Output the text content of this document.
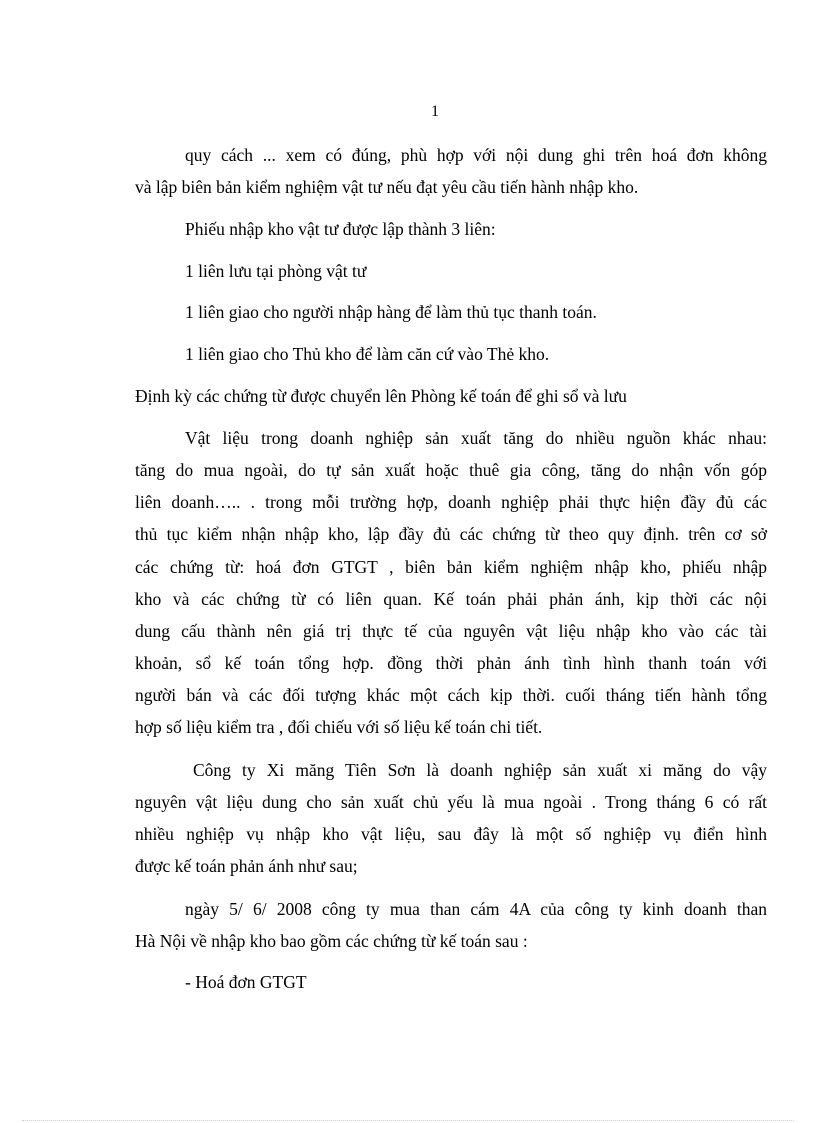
1
quy cách ... xem có đúng, phù hợp với nội dung ghi trên hoá đơn không
và lập biên bản kiểm nghiệm vật tư nếu đạt yêu cầu tiến hành nhập kho.
Phiếu nhập kho vật tư được lập thành 3 liên:
1 liên lưu tại phòng vật tư
1 liên giao cho người nhập hàng để làm thủ tục thanh toán.
1 liên giao cho Thủ kho để làm căn cứ vào Thẻ kho.
Định kỳ các chứng từ được chuyển lên Phòng kế toán để ghi sổ và lưu
Vật liệu trong doanh nghiệp sản xuất tăng do nhiều nguồn khác nhau:
tăng do mua ngoài, do tự sản xuất hoặc thuê gia công, tăng do nhận vốn góp
liên doanh….. . trong mỗi trường hợp, doanh nghiệp phải thực hiện đầy đủ các
thủ tục kiểm nhận nhập kho, lập đầy đủ các chứng từ theo quy định. trên cơ sở
các chứng từ: hoá đơn GTGT , biên bản kiểm nghiệm nhập kho, phiếu nhập
kho và các chứng từ có liên quan. Kế toán phải phản ánh, kịp thời các nội
dung cấu thành nên giá trị thực tế của nguyên vật liệu nhập kho vào các tài
khoản, sổ kế toán tổng hợp. đồng thời phản ánh tình hình thanh toán với
người bán và các đối tượng khác một cách kịp thời. cuối tháng tiến hành tổng
hợp số liệu kiểm tra , đối chiếu với số liệu kế toán chi tiết.
Công ty Xi măng Tiên Sơn là doanh nghiệp sản xuất xi măng do vậy
nguyên vật liệu dung cho sản xuất chủ yếu là mua ngoài . Trong tháng 6 có rất
nhiều nghiệp vụ nhập kho vật liệu, sau đây là một số nghiệp vụ điển hình
được kế toán phản ánh như sau;
ngày 5/ 6/ 2008 công ty mua than cám 4A của công ty kinh doanh than
Hà Nội về nhập kho bao gồm các chứng từ kế toán sau :
- Hoá đơn GTGT
